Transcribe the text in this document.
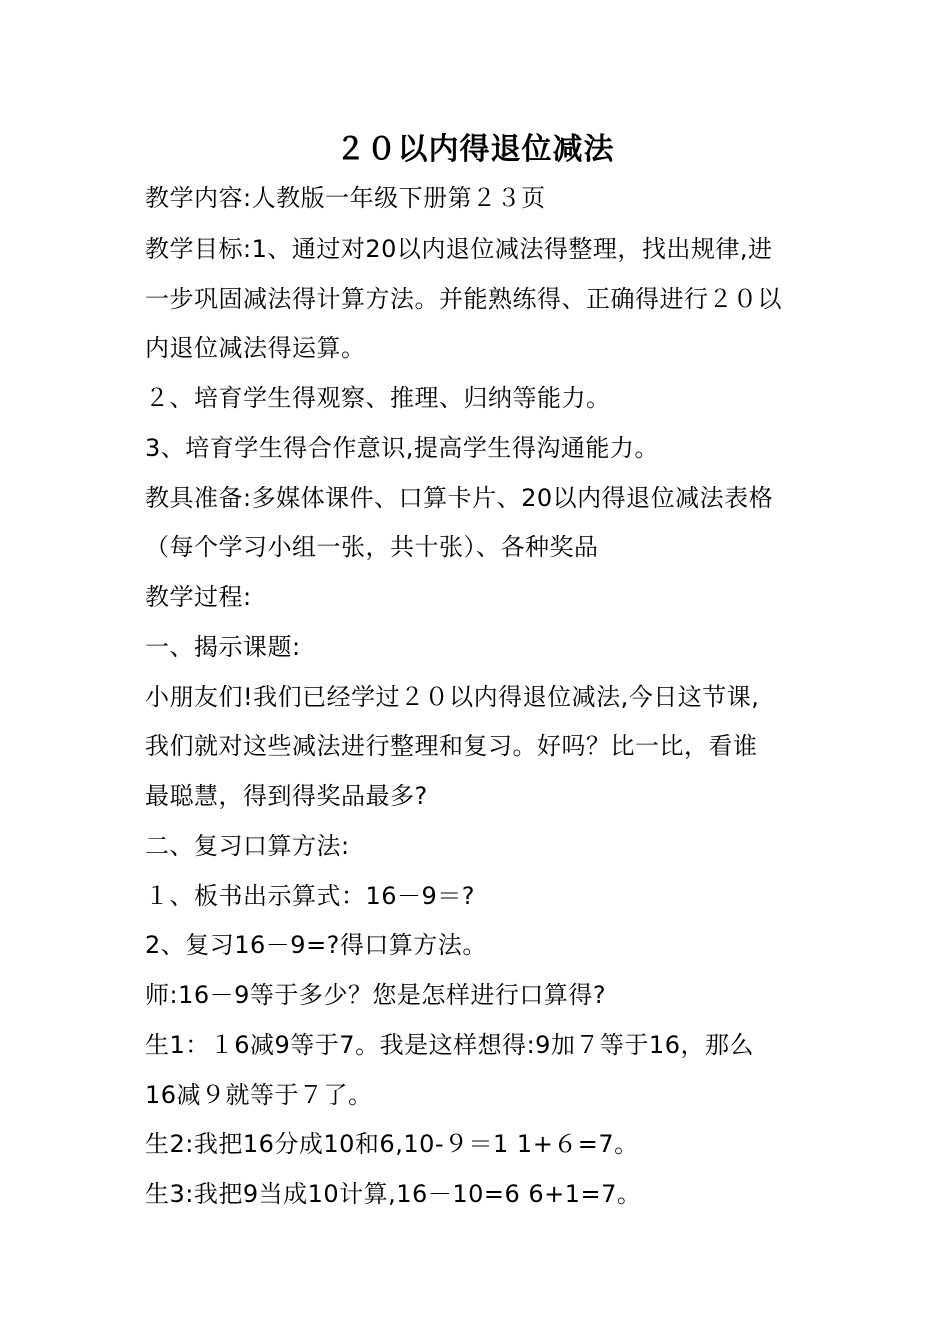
２０以内得退位减法
教学内容:人教版一年级下册第２３页
教学目标:1、通过对20以内退位减法得整理，找出规律,进
一步巩固减法得计算方法。并能熟练得、正确得进行２０以
内退位减法得运算。
２、培育学生得观察、推理、归纳等能力。
3、培育学生得合作意识,提高学生得沟通能力。
教具准备:多媒体课件、口算卡片、20以内得退位减法表格
（每个学习小组一张，共十张）、各种奖品
教学过程:
一、揭示课题:
小朋友们!我们已经学过２０以内得退位减法,今日这节课,
我们就对这些减法进行整理和复习。好吗？比一比，看谁
最聪慧，得到得奖品最多?
二、复习口算方法:
１、板书出示算式：16－9＝?
2、复习16－9=?得口算方法。
师:16－9等于多少？您是怎样进行口算得?
生1：１6减9等于7。我是这样想得:9加７等于16，那么
16减９就等于７了。
生2:我把16分成10和6,10-９＝1 1+６=7。
生3:我把9当成10计算,16－10=6 6+1=7。
